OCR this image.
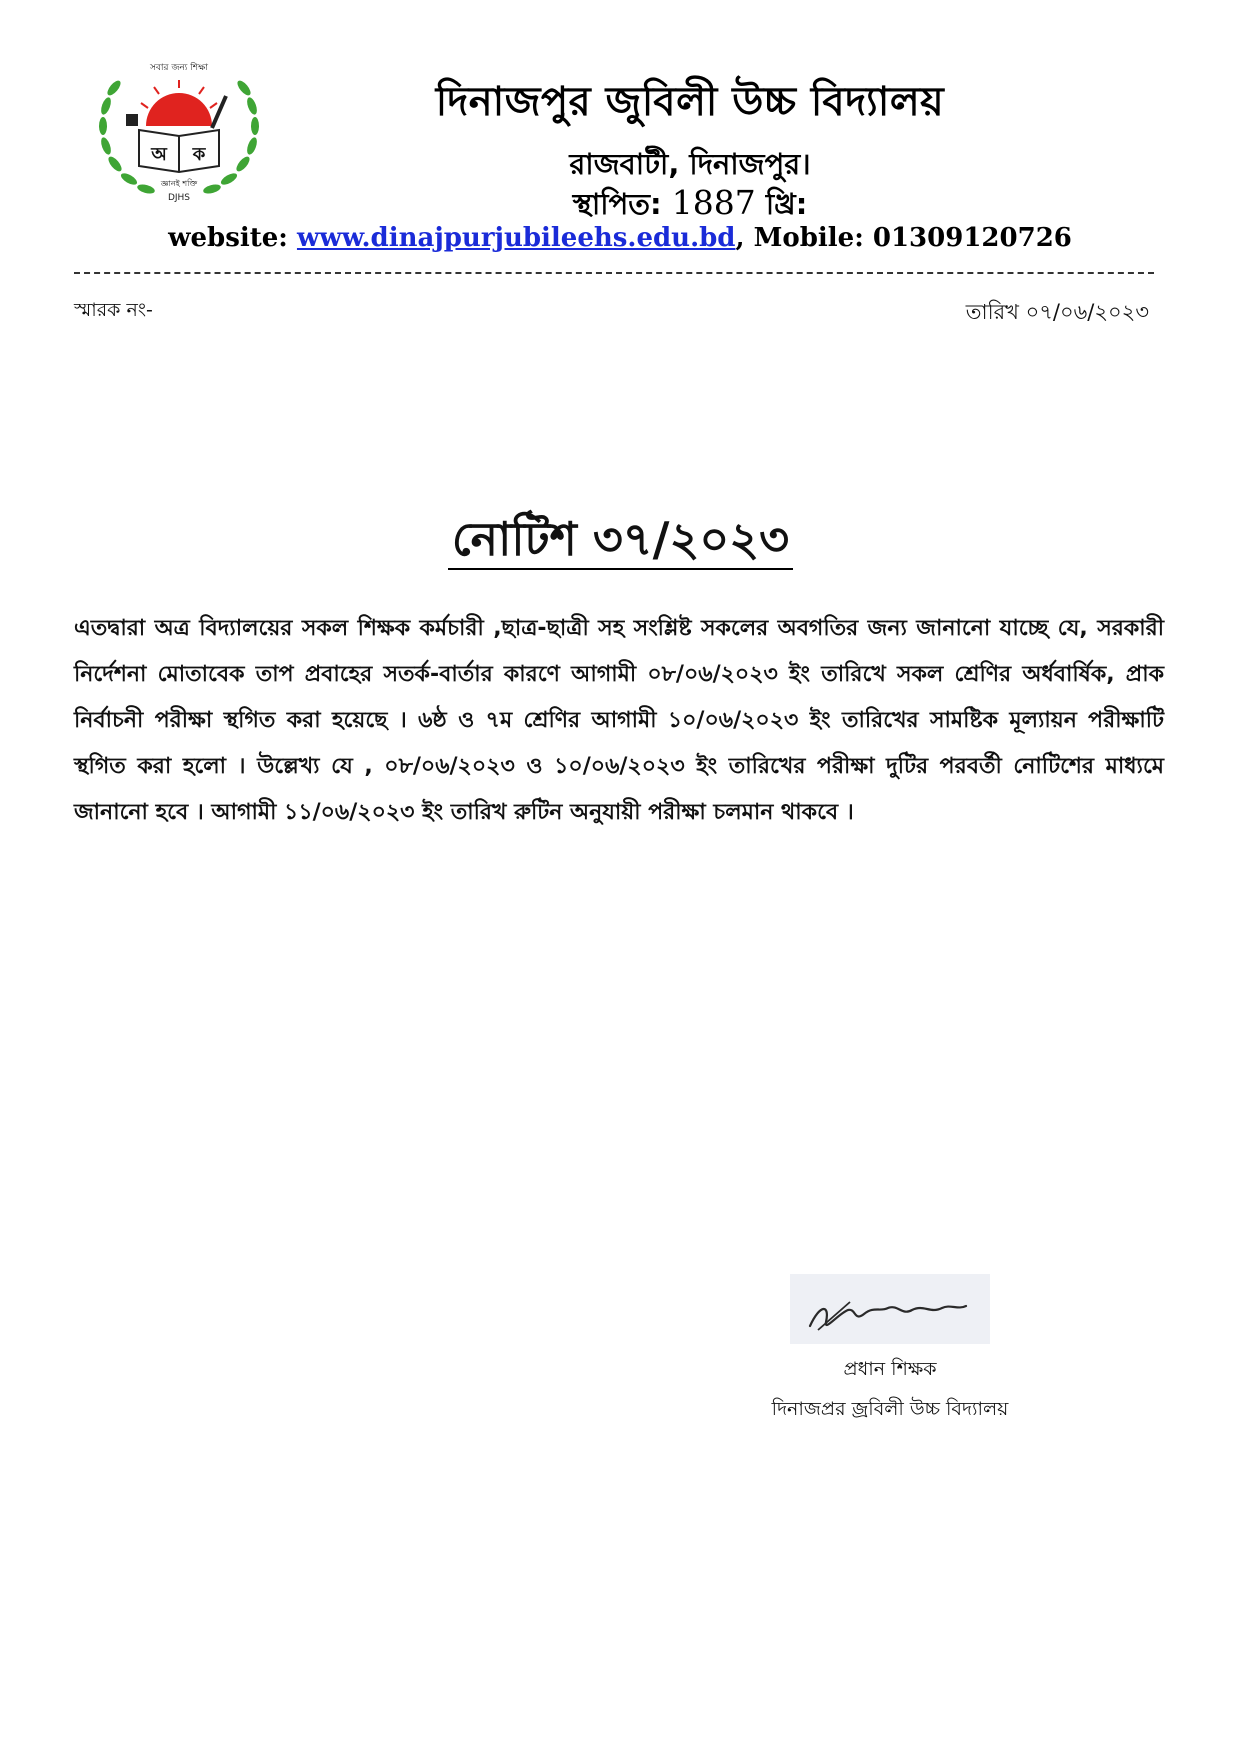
অ ক
সবার জন্য শিক্ষা
জ্ঞানই শক্তি
DJHS
দিনাজপুর জুবিলী উচ্চ বিদ্যালয়
রাজবাটী, দিনাজপুর।
স্থাপিত: 1887 খ্রি:
website: www.dinajpurjubileehs.edu.bd, Mobile: 01309120726
স্মারক নং-	তারিখ ০৭/০৬/২০২৩
নোটিশ ৩৭/২০২৩
এতদ্বারা অত্র বিদ্যালয়ের সকল শিক্ষক কর্মচারী ,ছাত্র-ছাত্রী সহ সংশ্লিষ্ট সকলের অবগতির জন্য জানানো যাচ্ছে যে, সরকারী নির্দেশনা মোতাবেক তাপ প্রবাহের সতর্ক-বার্তার কারণে আগামী ০৮/০৬/২০২৩ ইং তারিখে সকল শ্রেণির অর্ধবার্ষিক, প্রাক নির্বাচনী পরীক্ষা স্থগিত করা হয়েছে । ৬ষ্ঠ ও ৭ম শ্রেণির আগামী ১০/০৬/২০২৩ ইং তারিখের সামষ্টিক মূল্যায়ন পরীক্ষাটি স্থগিত করা হলো । উল্লেখ্য যে , ০৮/০৬/২০২৩ ও ১০/০৬/২০২৩ ইং তারিখের পরীক্ষা দুটির পরবর্তী নোটিশের মাধ্যমে জানানো হবে । আগামী ১১/০৬/২০২৩ ইং তারিখ রুটিন অনুযায়ী পরীক্ষা চলমান থাকবে ।
প্রধান শিক্ষক
দিনাজপ্রর জ্রবিলী উচ্চ বিদ্যালয়
